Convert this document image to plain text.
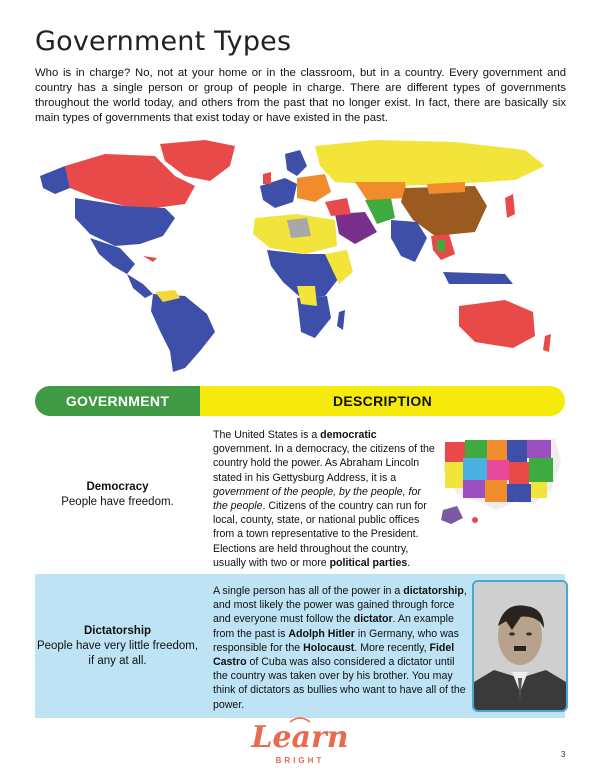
Government Types

Who is in charge? No, not at your home or in the classroom, but in a country. Every government and country has a single person or group of people in charge. There are different types of governments throughout the world today, and others from the past that no longer exist. In fact, there are basically six main types of governments that exist today or have existed in the past.

GOVERNMENT	DESCRIPTION
Democracy
People have freedom.

The United States is a democratic government. In a democracy, the citizens of the country hold the power. As Abraham Lincoln stated in his Gettysburg Address, it is a government of the people, by the people, for the people. Citizens of the country can run for local, county, state, or national public offices from a town representative to the President. Elections are held throughout the country, usually with two or more political parties.

Dictatorship
People have very little freedom, if any at all.

A single person has all of the power in a dictatorship, and most likely the power was gained through force and everyone must follow the dictator. An example from the past is Adolph Hitler in Germany, who was responsible for the Holocaust. More recently, Fidel Castro of Cuba was also considered a dictator until the country was taken over by his brother. You may think of dictators as bullies who want to have all of the power.

Learn
BRIGHT
3
